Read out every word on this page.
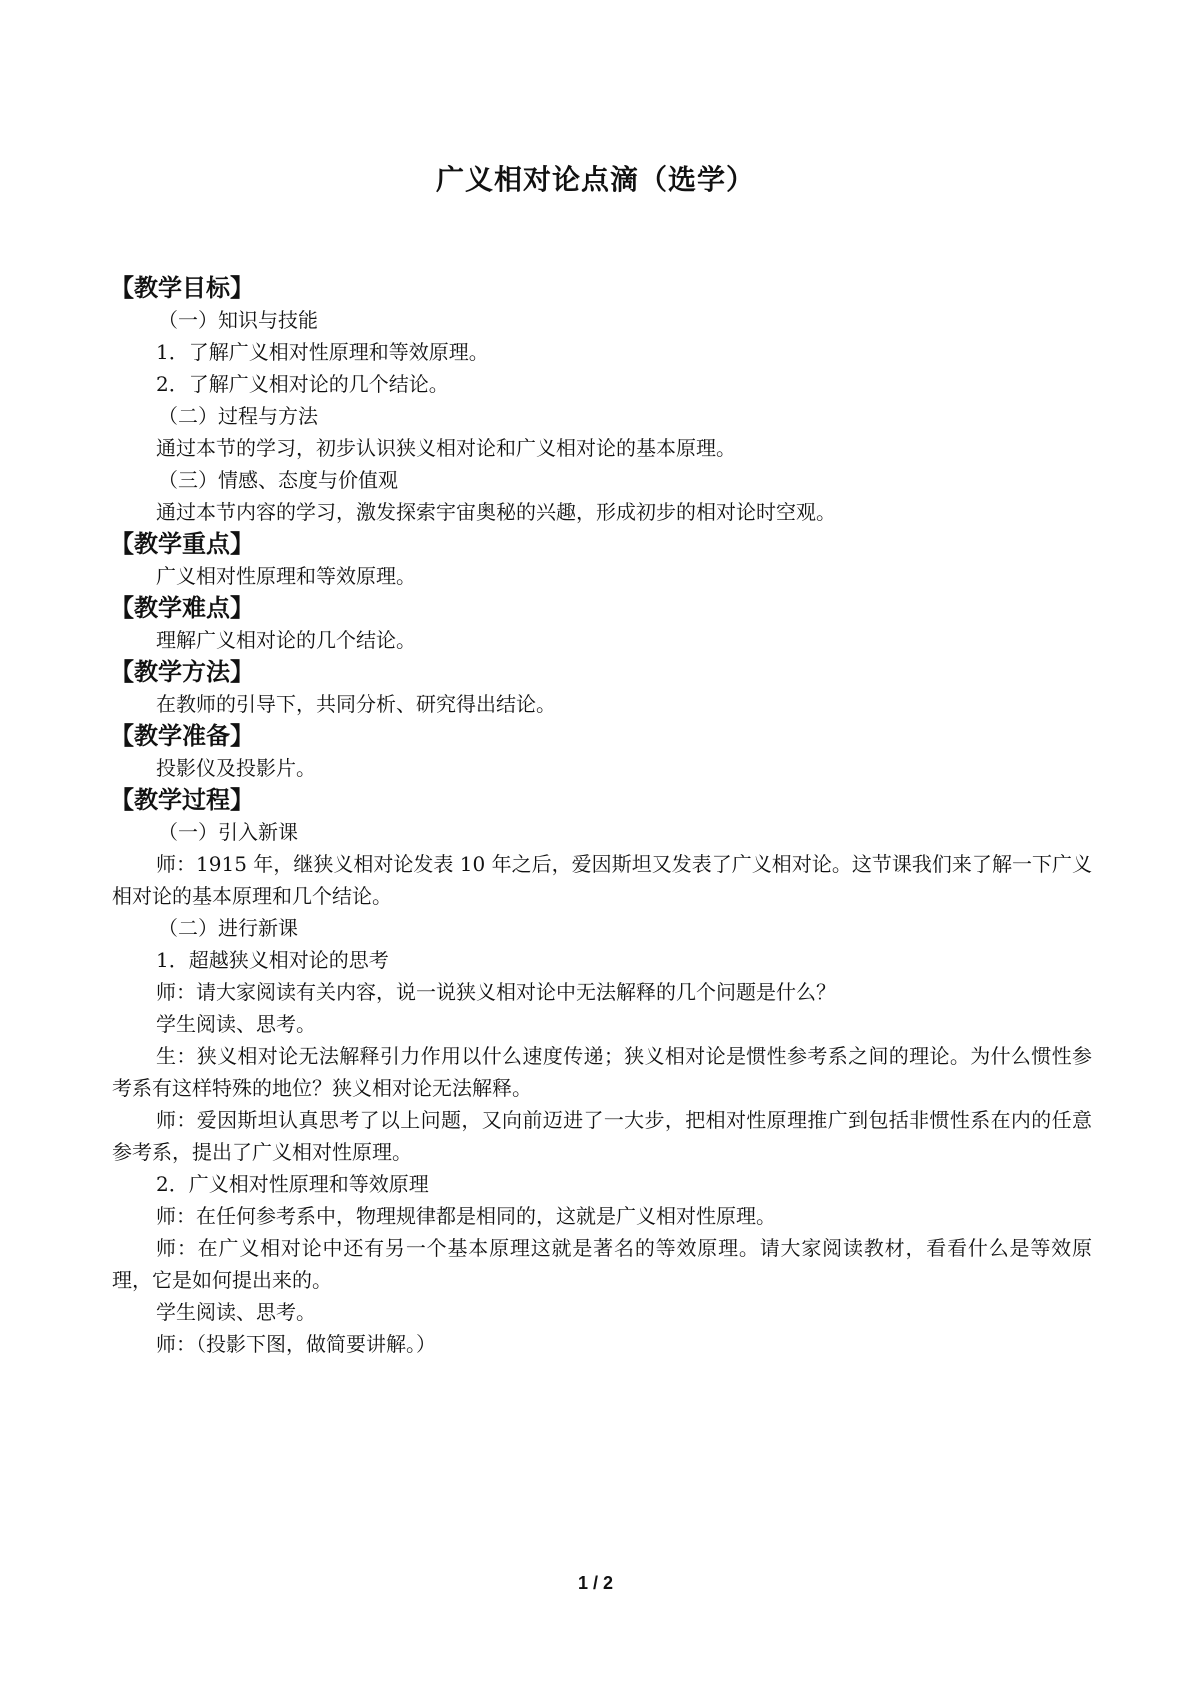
广义相对论点滴（选学）

【教学目标】

（一）知识与技能

1．了解广义相对性原理和等效原理。

2．了解广义相对论的几个结论。

（二）过程与方法

通过本节的学习，初步认识狭义相对论和广义相对论的基本原理。

（三）情感、态度与价值观

通过本节内容的学习，激发探索宇宙奥秘的兴趣，形成初步的相对论时空观。

【教学重点】

广义相对性原理和等效原理。

【教学难点】

理解广义相对论的几个结论。

【教学方法】

在教师的引导下，共同分析、研究得出结论。

【教学准备】

投影仪及投影片。

【教学过程】

（一）引入新课

师：1915 年，继狭义相对论发表 10 年之后，爱因斯坦又发表了广义相对论。这节课我们来了解一下广义相对论的基本原理和几个结论。

（二）进行新课

1．超越狭义相对论的思考

师：请大家阅读有关内容，说一说狭义相对论中无法解释的几个问题是什么？

学生阅读、思考。

生：狭义相对论无法解释引力作用以什么速度传递；狭义相对论是惯性参考系之间的理论。为什么惯性参考系有这样特殊的地位？狭义相对论无法解释。

师：爱因斯坦认真思考了以上问题，又向前迈进了一大步，把相对性原理推广到包括非惯性系在内的任意参考系，提出了广义相对性原理。

2．广义相对性原理和等效原理

师：在任何参考系中，物理规律都是相同的，这就是广义相对性原理。

师：在广义相对论中还有另一个基本原理这就是著名的等效原理。请大家阅读教材，看看什么是等效原理，它是如何提出来的。

学生阅读、思考。

师：（投影下图，做简要讲解。）

1 / 2
